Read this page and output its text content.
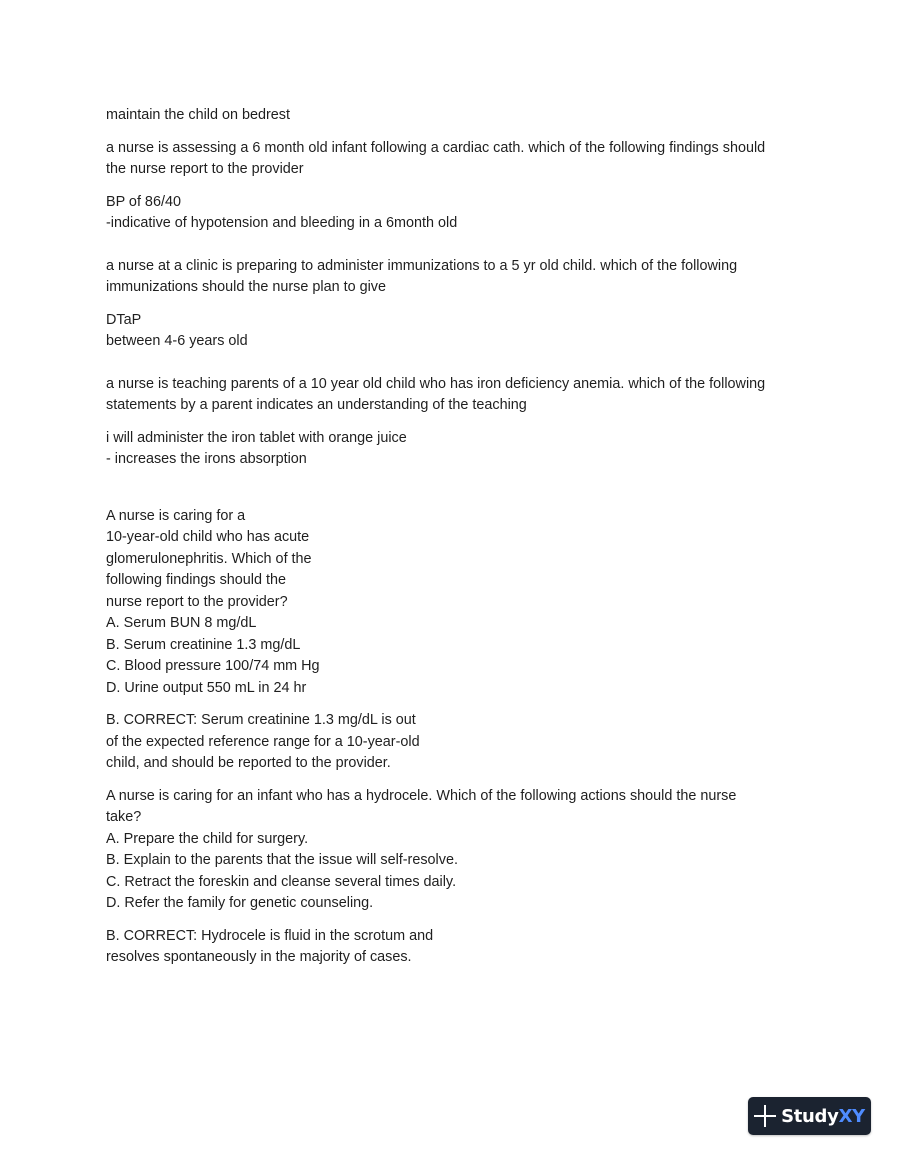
maintain the child on bedrest
a nurse is assessing a 6 month old infant following a cardiac cath. which of the following findings should
the nurse report to the provider
BP of 86/40
-indicative of hypotension and bleeding in a 6month old
a nurse at a clinic is preparing to administer immunizations to a 5 yr old child. which of the following
immunizations should the nurse plan to give
DTaP
between 4-6 years old
a nurse is teaching parents of a 10 year old child who has iron deficiency anemia. which of the following
statements by a parent indicates an understanding of the teaching
i will administer the iron tablet with orange juice
- increases the irons absorption
A nurse is caring for a
10-year-old child who has acute
glomerulonephritis. Which of the
following findings should the
nurse report to the provider?
A. Serum BUN 8 mg/dL
B. Serum creatinine 1.3 mg/dL
C. Blood pressure 100/74 mm Hg
D. Urine output 550 mL in 24 hr
B. CORRECT: Serum creatinine 1.3 mg/dL is out
of the expected reference range for a 10-year-old
child, and should be reported to the provider.
A nurse is caring for an infant who has a hydrocele. Which of the following actions should the nurse
take?
A. Prepare the child for surgery.
B. Explain to the parents that the issue will self-resolve.
C. Retract the foreskin and cleanse several times daily.
D. Refer the family for genetic counseling.
B. CORRECT: Hydrocele is fluid in the scrotum and
resolves spontaneously in the majority of cases.
StudyXY
